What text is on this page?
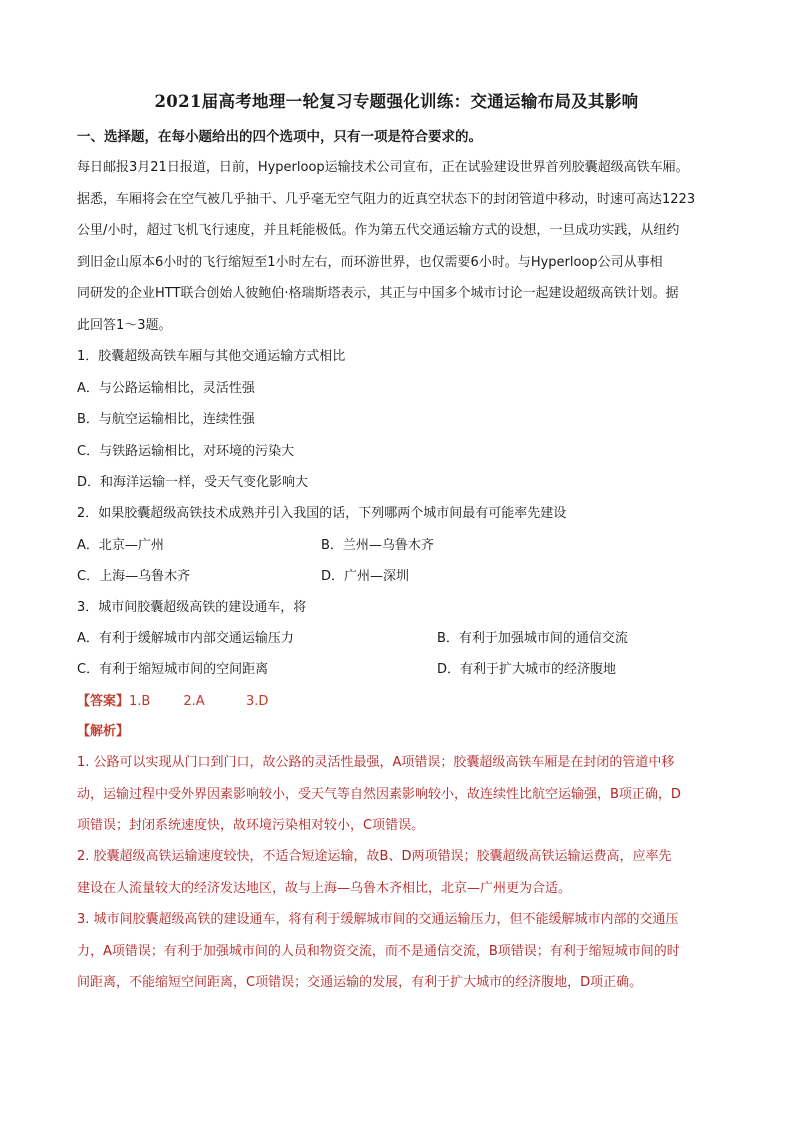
2021届高考地理一轮复习专题强化训练：交通运输布局及其影响
一、选择题，在每小题给出的四个选项中，只有一项是符合要求的。
每日邮报3月21日报道，日前，Hyperloop运输技术公司宣布，正在试验建设世界首列胶囊超级高铁车厢。
据悉，车厢将会在空气被几乎抽干、几乎毫无空气阻力的近真空状态下的封闭管道中移动，时速可高达1223
公里/小时，超过飞机飞行速度，并且耗能极低。作为第五代交通运输方式的设想，一旦成功实践，从纽约
到旧金山原本6小时的飞行缩短至1小时左右，而环游世界，也仅需要6小时。与Hyperloop公司从事相
同研发的企业HTT联合创始人彼鲍伯·格瑞斯塔表示，其正与中国多个城市讨论一起建设超级高铁计划。据
此回答1～3题。
1．胶囊超级高铁车厢与其他交通运输方式相比
A．与公路运输相比，灵活性强
B．与航空运输相比，连续性强
C．与铁路运输相比，对环境的污染大
D．和海洋运输一样，受天气变化影响大
2．如果胶囊超级高铁技术成熟并引入我国的话，下列哪两个城市间最有可能率先建设
A．北京—广州	B．兰州—乌鲁木齐
C．上海—乌鲁木齐	D．广州—深圳
3．城市间胶囊超级高铁的建设通车，将
A．有利于缓解城市内部交通运输压力	B．有利于加强城市间的通信交流
C．有利于缩短城市间的空间距离	D．有利于扩大城市的经济腹地
【答案】1.B        2.A          3.D
【解析】
1. 公路可以实现从门口到门口，故公路的灵活性最强，A项错误；胶囊超级高铁车厢是在封闭的管道中移
动，运输过程中受外界因素影响较小，受天气等自然因素影响较小，故连续性比航空运输强，B项正确，D
项错误；封闭系统速度快，故环境污染相对较小，C项错误。
2. 胶囊超级高铁运输速度较快，不适合短途运输，故B、D两项错误；胶囊超级高铁运输运费高，应率先
建设在人流量较大的经济发达地区，故与上海—乌鲁木齐相比，北京—广州更为合适。
3. 城市间胶囊超级高铁的建设通车，将有利于缓解城市间的交通运输压力，但不能缓解城市内部的交通压
力，A项错误；有利于加强城市间的人员和物资交流，而不是通信交流，B项错误；有利于缩短城市间的时
间距离，不能缩短空间距离，C项错误；交通运输的发展，有利于扩大城市的经济腹地，D项正确。
